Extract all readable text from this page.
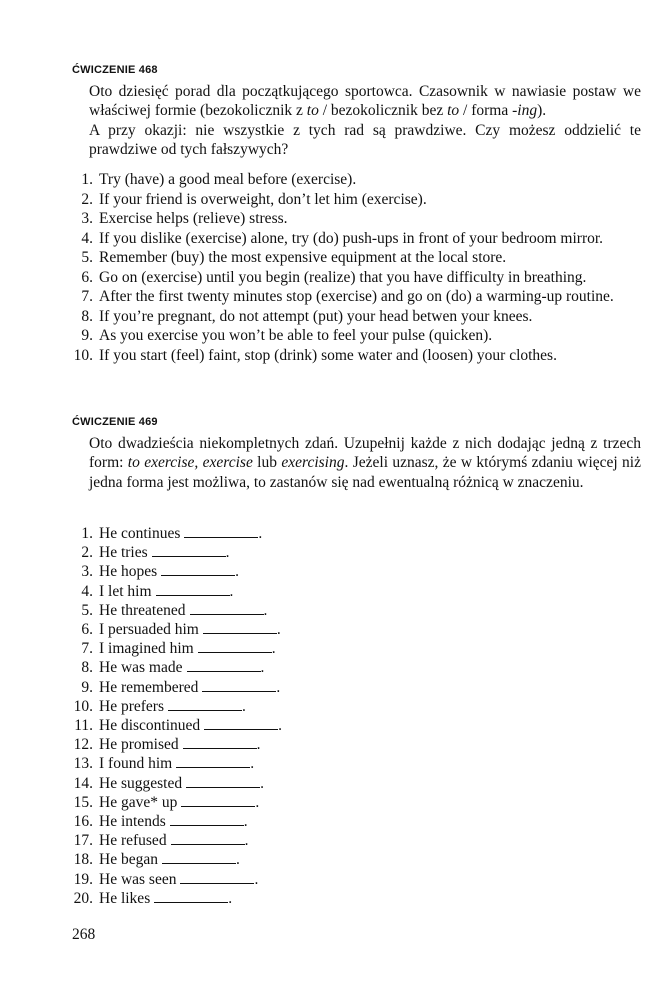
ĆWICZENIE 468

Oto dziesięć porad dla początkującego sportowca. Czasownik w nawiasie postaw we właściwej formie (bezokolicznik z to / bezokolicznik bez to / forma -ing).

A przy okazji: nie wszystkie z tych rad są prawdziwe. Czy możesz oddzielić te prawdziwe od tych fałszywych?

1. Try (have) a good meal before (exercise).
2. If your friend is overweight, don’t let him (exercise).
3. Exercise helps (relieve) stress.
4. If you dislike (exercise) alone, try (do) push-ups in front of your bedroom mirror.
5. Remember (buy) the most expensive equipment at the local store.
6. Go on (exercise) until you begin (realize) that you have difficulty in breathing.
7. After the first twenty minutes stop (exercise) and go on (do) a warming-up routine.
8. If you’re pregnant, do not attempt (put) your head betwen your knees.
9. As you exercise you won’t be able to feel your pulse (quicken).
10. If you start (feel) faint, stop (drink) some water and (loosen) your clothes.
ĆWICZENIE 469

Oto dwadzieścia niekompletnych zdań. Uzupełnij każde z nich dodając jedną z trzech form: to exercise, exercise lub exercising. Jeżeli uznasz, że w którymś zdaniu więcej niż jedna forma jest możliwa, to zastanów się nad ewentualną różnicą w znaczeniu.

1. He continues	.
2. He tries	.
3. He hopes	.
4. I let him	.
5. He threatened	.
6. I persuaded him	.
7. I imagined him	.
8. He was made	.
9. He remembered	.
10. He prefers	.
11. He discontinued	.
12. He promised	.
13. I found him	.
14. He suggested	.
15. He gave* up	.
16. He intends	.
17. He refused	.
18. He began	.
19. He was seen	.
20. He likes	.
268
